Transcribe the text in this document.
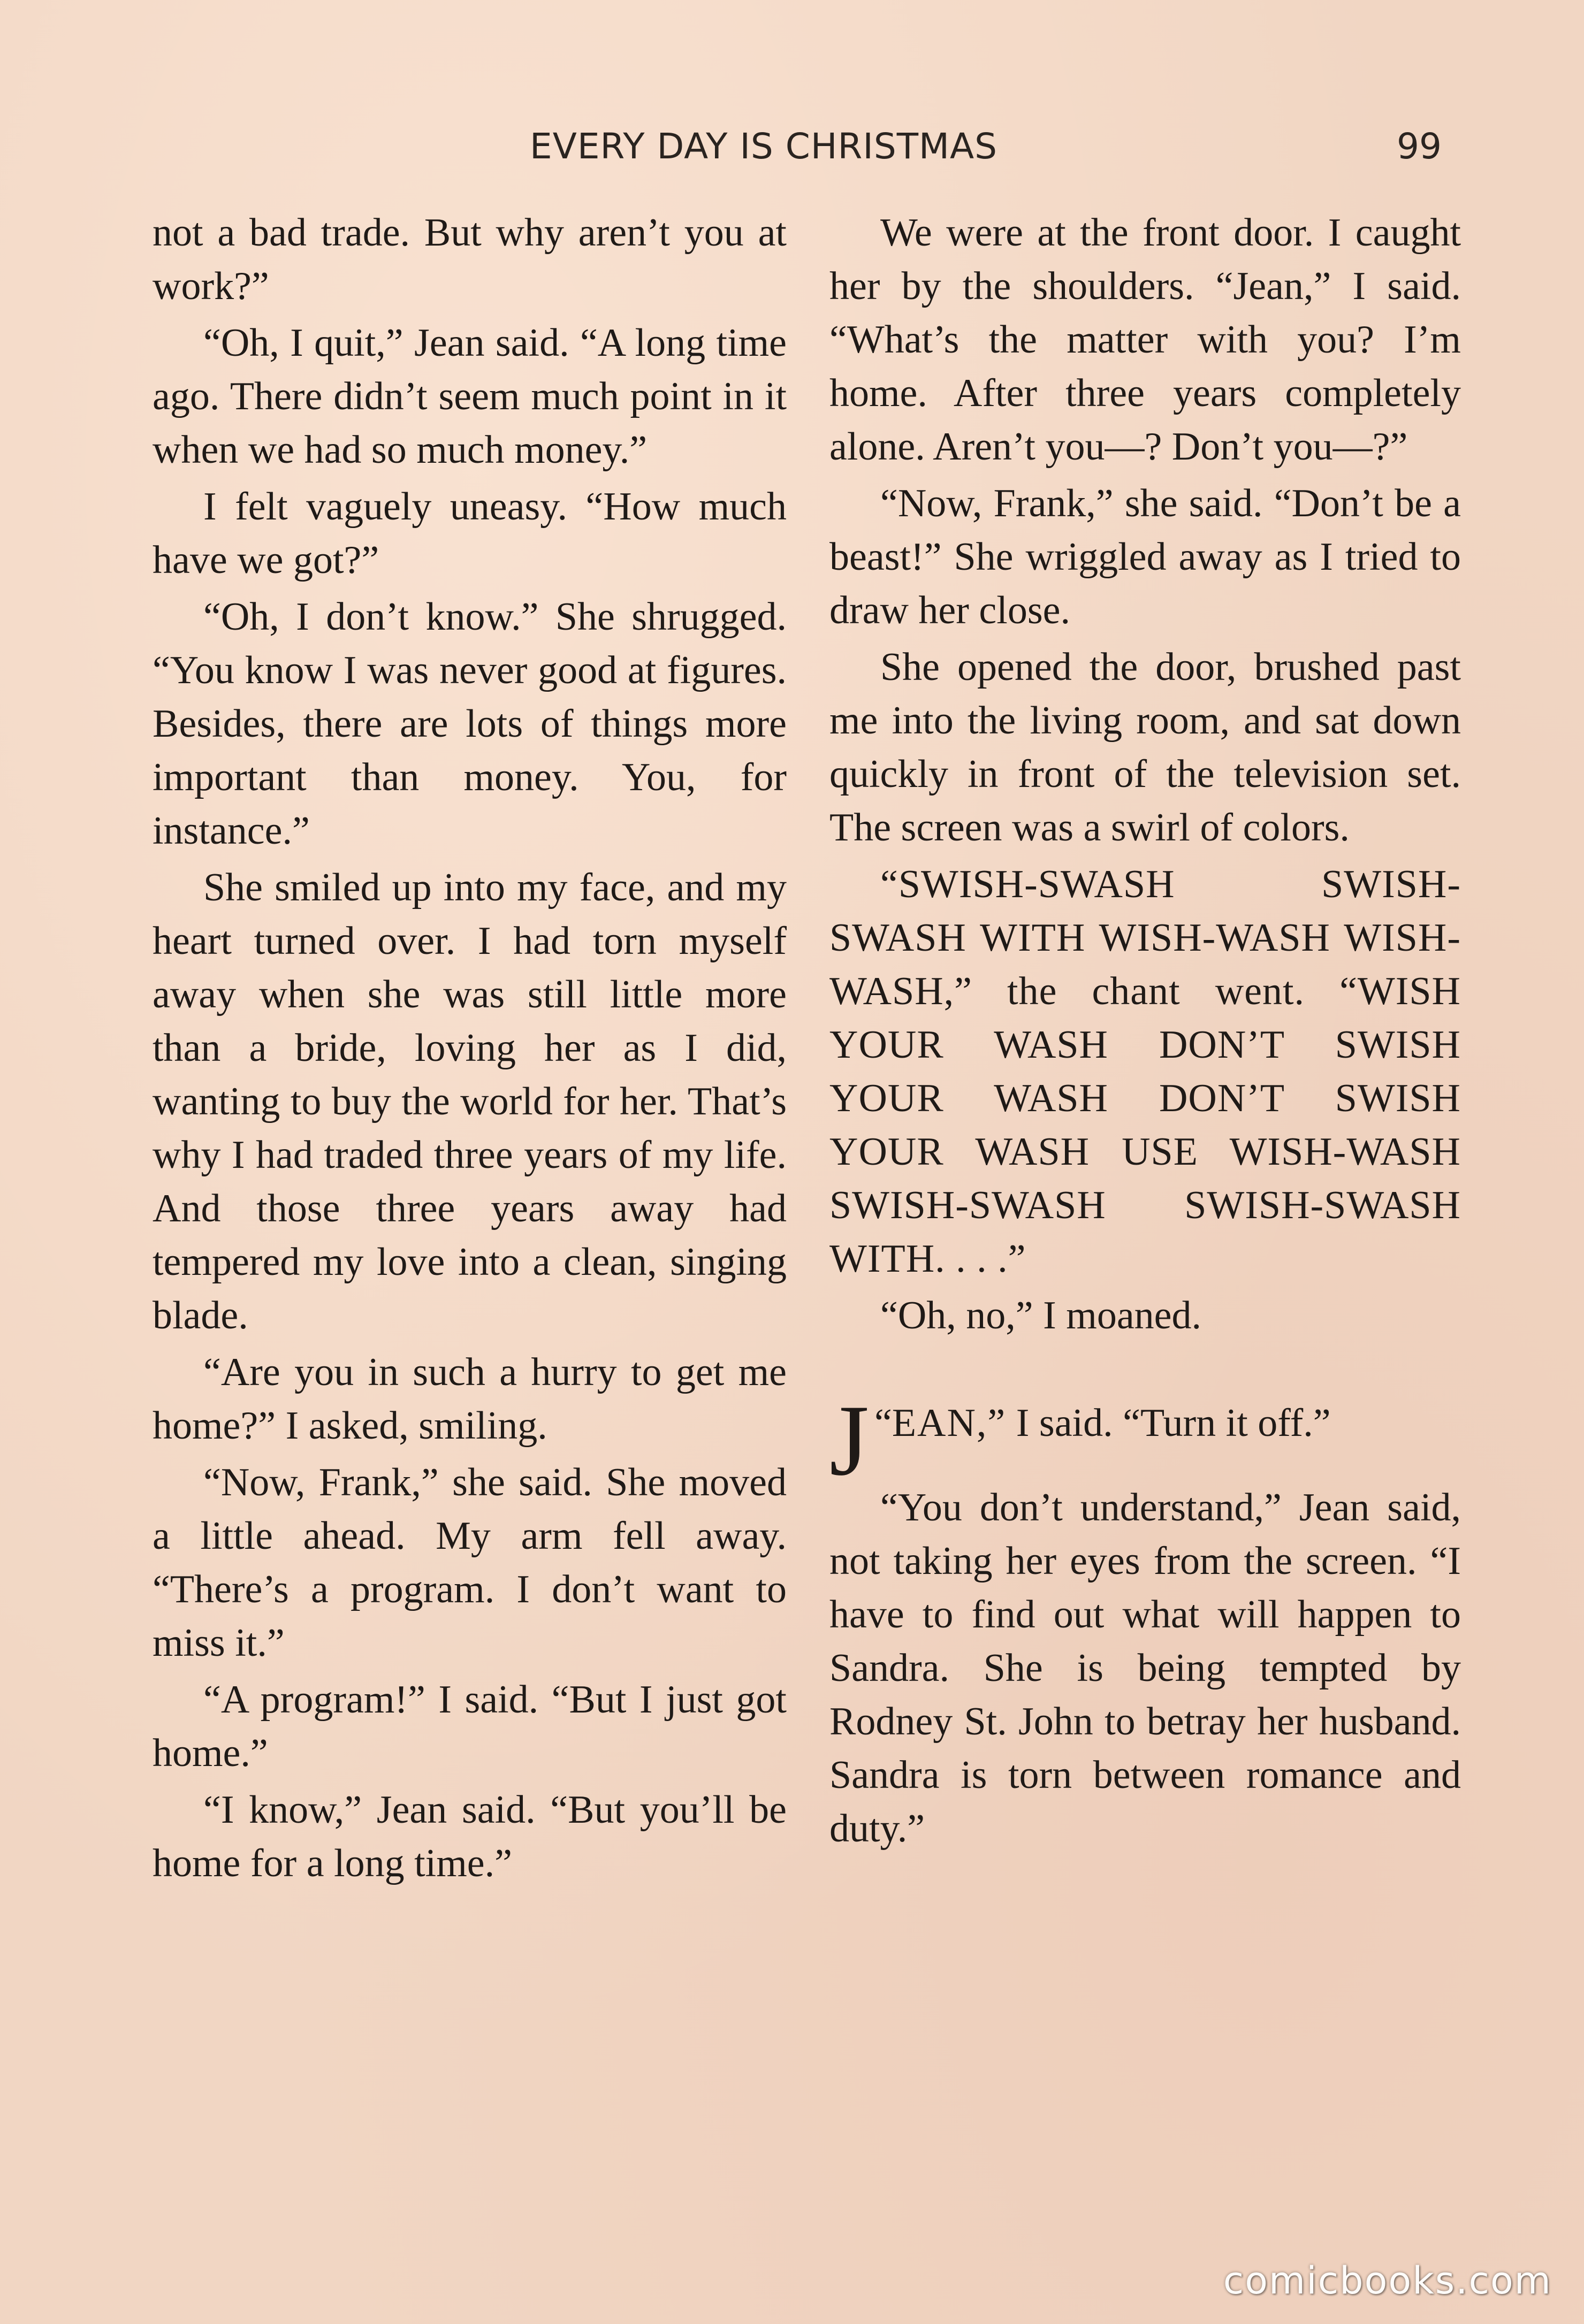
EVERY DAY IS CHRISTMAS	99

not a bad trade. But why aren’t you at work?”

“Oh, I quit,” Jean said. “A long time ago. There didn’t seem much point in it when we had so much money.”

I felt vaguely uneasy. “How much have we got?”

“Oh, I don’t know.” She shrugged. “You know I was never good at figures. Besides, there are lots of things more important than money. You, for instance.”

She smiled up into my face, and my heart turned over. I had torn myself away when she was still little more than a bride, loving her as I did, wanting to buy the world for her. That’s why I had traded three years of my life. And those three years away had tempered my love into a clean, singing blade.

“Are you in such a hurry to get me home?” I asked, smiling.

“Now, Frank,” she said. She moved a little ahead. My arm fell away. “There’s a program. I don’t want to miss it.”

“A program!” I said. “But I just got home.”

“I know,” Jean said. “But you’ll be home for a long time.”

We were at the front door. I caught her by the shoulders. “Jean,” I said. “What’s the matter with you? I’m home. After three years completely alone. Aren’t you—? Don’t you—?”

“Now, Frank,” she said. “Don’t be a beast!” She wriggled away as I tried to draw her close.

She opened the door, brushed past me into the living room, and sat down quickly in front of the television set. The screen was a swirl of colors.

“SWISH-SWASH SWISH-SWASH WITH WISH-WASH WISH-WASH,” the chant went. “WISH YOUR WASH DON’T SWISH YOUR WASH DON’T SWISH YOUR WASH USE WISH-WASH SWISH-SWASH SWISH-SWASH WITH. . . .”

“Oh, no,” I moaned.

“
J EAN,” I said. “Turn it off.”

“You don’t understand,” Jean said, not taking her eyes from the screen. “I have to find out what will happen to Sandra. She is being tempted by Rodney St. John to betray her husband. Sandra is torn between romance and duty.”

comicbooks.com
